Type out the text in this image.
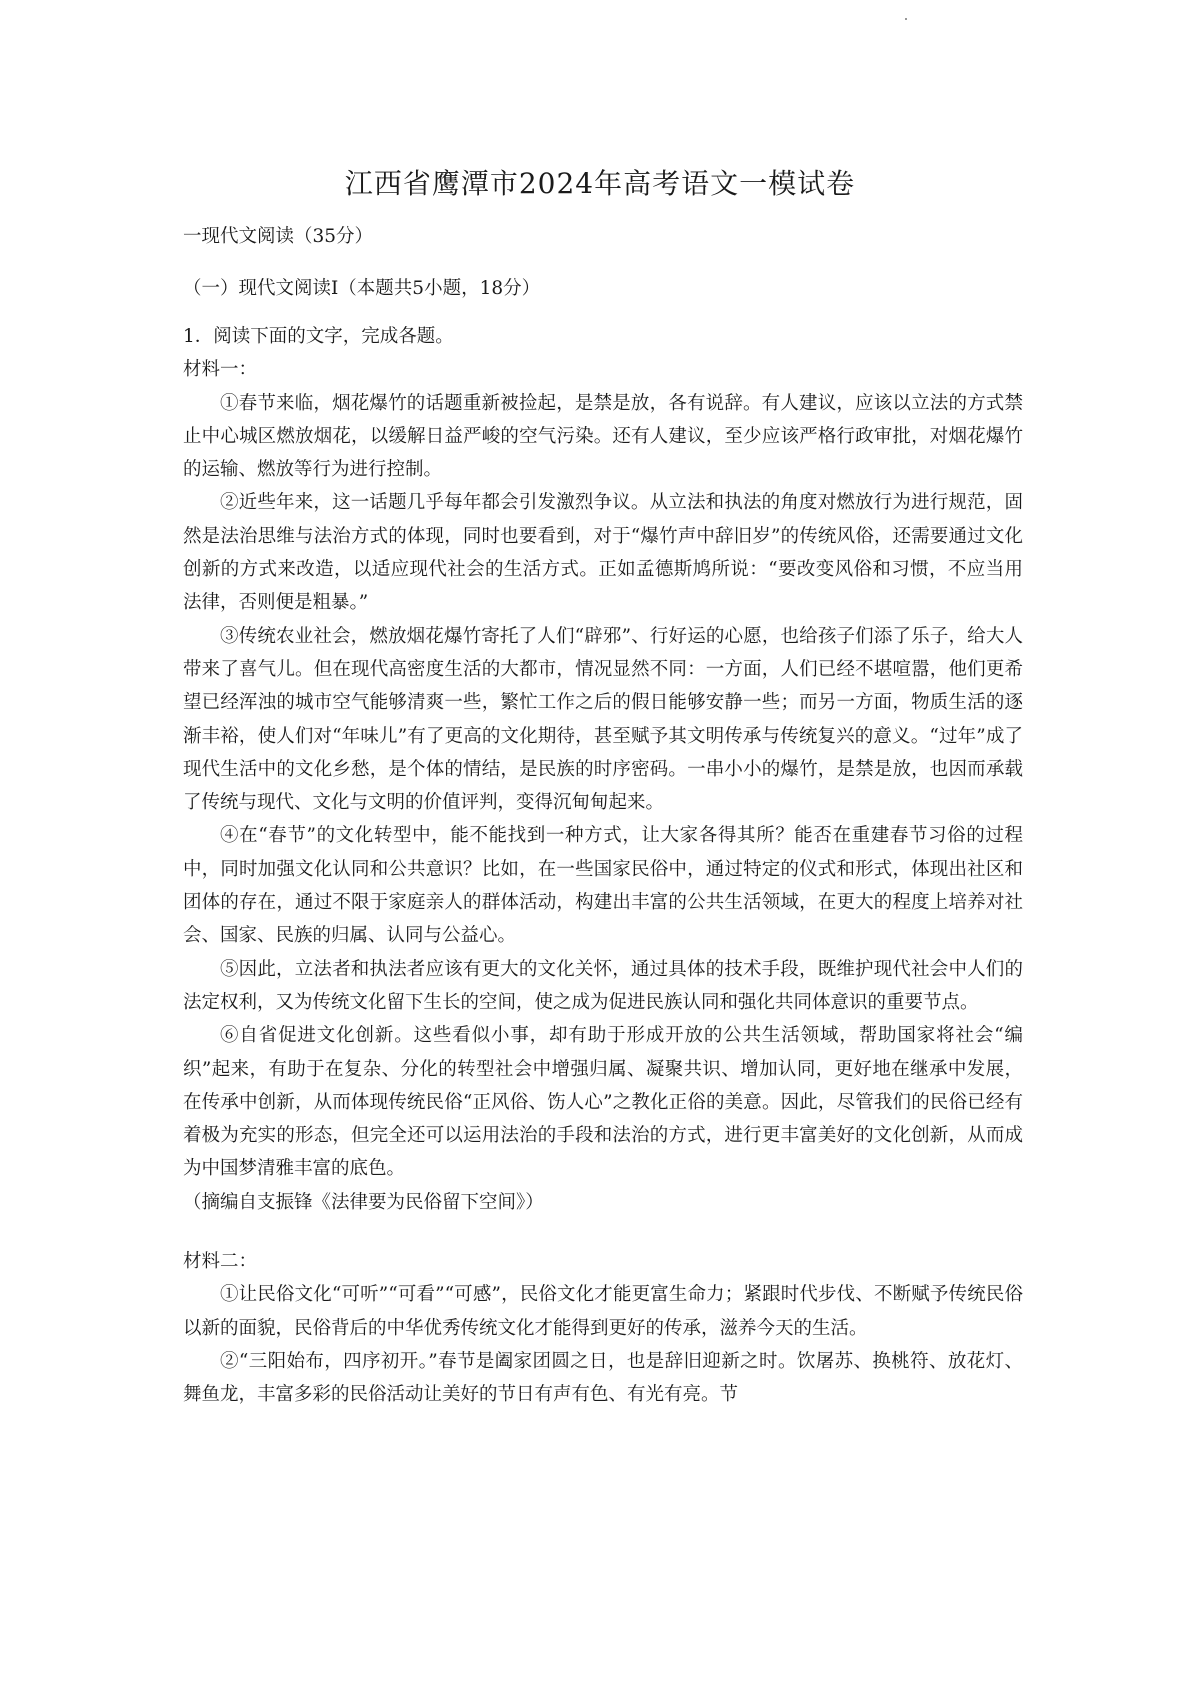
江西省鹰潭市2024年高考语文一模试卷
一现代文阅读（35分）
（一）现代文阅读Ⅰ（本题共5小题，18分）

1．阅读下面的文字，完成各题。

材料一：

①春节来临，烟花爆竹的话题重新被捡起，是禁是放，各有说辞。有人建议，应该以立法的方式禁止中心城区燃放烟花，以缓解日益严峻的空气污染。还有人建议，至少应该严格行政审批，对烟花爆竹的运输、燃放等行为进行控制。

②近些年来，这一话题几乎每年都会引发激烈争议。从立法和执法的角度对燃放行为进行规范，固然是法治思维与法治方式的体现，同时也要看到，对于“爆竹声中辞旧岁”的传统风俗，还需要通过文化创新的方式来改造，以适应现代社会的生活方式。正如孟德斯鸠所说：“要改变风俗和习惯，不应当用法律，否则便是粗暴。”

③传统农业社会，燃放烟花爆竹寄托了人们“辟邪”、行好运的心愿，也给孩子们添了乐子，给大人带来了喜气儿。但在现代高密度生活的大都市，情况显然不同：一方面，人们已经不堪喧嚣，他们更希望已经浑浊的城市空气能够清爽一些，繁忙工作之后的假日能够安静一些；而另一方面，物质生活的逐渐丰裕，使人们对“年味儿”有了更高的文化期待，甚至赋予其文明传承与传统复兴的意义。“过年”成了现代生活中的文化乡愁，是个体的情结，是民族的时序密码。一串小小的爆竹，是禁是放，也因而承载了传统与现代、文化与文明的价值评判，变得沉甸甸起来。

④在“春节”的文化转型中，能不能找到一种方式，让大家各得其所？能否在重建春节习俗的过程中，同时加强文化认同和公共意识？比如，在一些国家民俗中，通过特定的仪式和形式，体现出社区和团体的存在，通过不限于家庭亲人的群体活动，构建出丰富的公共生活领域，在更大的程度上培养对社会、国家、民族的归属、认同与公益心。

⑤因此，立法者和执法者应该有更大的文化关怀，通过具体的技术手段，既维护现代社会中人们的法定权利，又为传统文化留下生长的空间，使之成为促进民族认同和强化共同体意识的重要节点。

⑥自省促进文化创新。这些看似小事，却有助于形成开放的公共生活领域，帮助国家将社会“编织”起来，有助于在复杂、分化的转型社会中增强归属、凝聚共识、增加认同，更好地在继承中发展，在传承中创新，从而体现传统民俗“正风俗、饬人心”之教化正俗的美意。因此，尽管我们的民俗已经有着极为充实的形态，但完全还可以运用法治的手段和法治的方式，进行更丰富美好的文化创新，从而成为中国梦清雅丰富的底色。

（摘编自支振锋《法律要为民俗留下空间》）

材料二：

①让民俗文化“可听”“可看”“可感”，民俗文化才能更富生命力；紧跟时代步伐、不断赋予传统民俗以新的面貌，民俗背后的中华优秀传统文化才能得到更好的传承，滋养今天的生活。

②“三阳始布，四序初开。”春节是阖家团圆之日，也是辞旧迎新之时。饮屠苏、换桃符、放花灯、舞鱼龙，丰富多彩的民俗活动让美好的节日有声有色、有光有亮。节
